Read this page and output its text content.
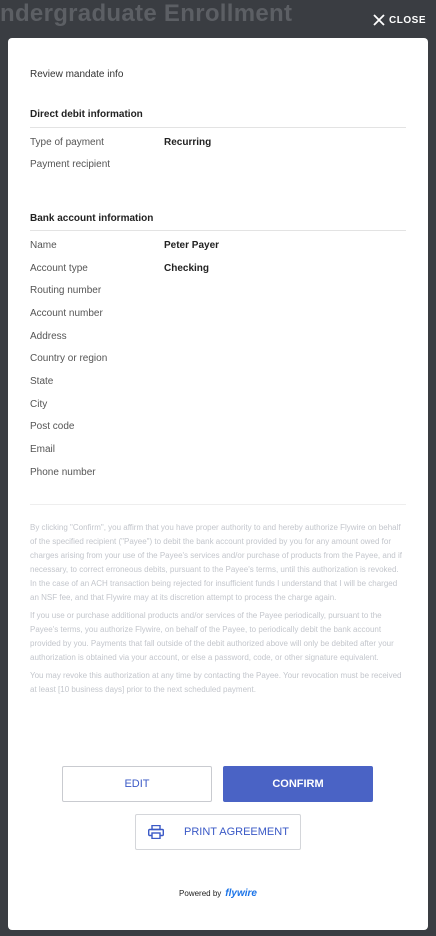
ndergraduate Enrollment	CLOSE
Review mandate info
Direct debit information
Type of payment	Recurring
Payment recipient
Bank account information
Name	Peter Payer
Account type	Checking
Routing number
Account number
Address
Country or region
State
City
Post code
Email
Phone number

By clicking "Confirm", you affirm that you have proper authority to and hereby authorize Flywire on behalf of the specified recipient ("Payee") to debit the bank account provided by you for any amount owed for charges arising from your use of the Payee's services and/or purchase of products from the Payee, and if necessary, to correct erroneous debits, pursuant to the Payee's terms, until this authorization is revoked. In the case of an ACH transaction being rejected for insufficient funds I understand that I will be charged an NSF fee, and that Flywire may at its discretion attempt to process the charge again.

If you use or purchase additional products and/or services of the Payee periodically, pursuant to the Payee's terms, you authorize Flywire, on behalf of the Payee, to periodically debit the bank account provided by you. Payments that fall outside of the debit authorized above will only be debited after your authorization is obtained via your account, or else a password, code, or other signature equivalent.

You may revoke this authorization at any time by contacting the Payee. Your revocation must be received at least [10 business days] prior to the next scheduled payment.

EDIT	CONFIRM
PRINT AGREEMENT
Powered by flywire
